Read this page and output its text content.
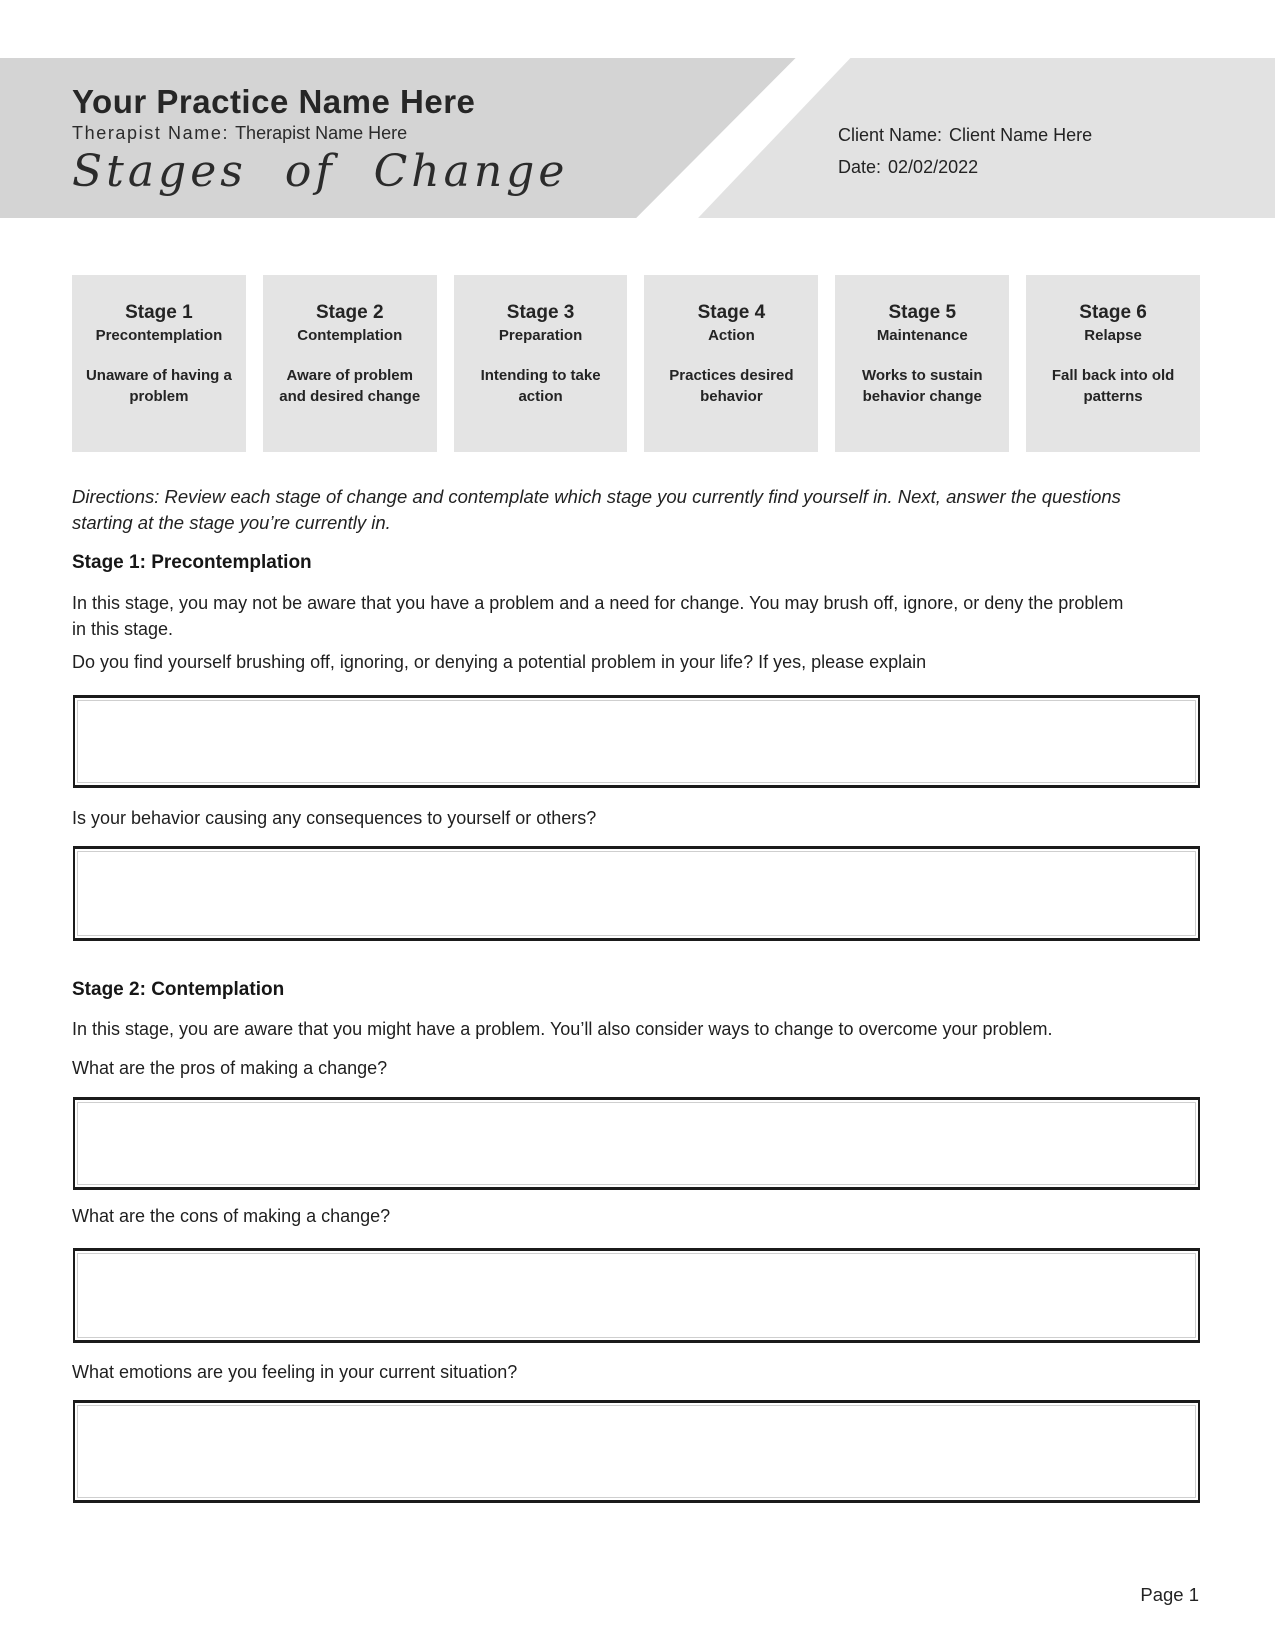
Your Practice Name Here
Therapist Name: Therapist Name Here
Stages of Change
Client Name: Client Name Here
Date: 02/02/2022
Stage 1
Precontemplation
Unaware of having a problem
Stage 2
Contemplation
Aware of problem and desired change
Stage 3
Preparation
Intending to take action
Stage 4
Action
Practices desired behavior
Stage 5
Maintenance
Works to sustain behavior change
Stage 6
Relapse
Fall back into old patterns
Directions: Review each stage of change and contemplate which stage you currently find yourself in. Next, answer the questions starting at the stage you’re currently in.
Stage 1: Precontemplation
In this stage, you may not be aware that you have a problem and a need for change. You may brush off, ignore, or deny the problem in this stage.
Do you find yourself brushing off, ignoring, or denying a potential problem in your life? If yes, please explain
Is your behavior causing any consequences to yourself or others?
Stage 2: Contemplation
In this stage, you are aware that you might have a problem. You’ll also consider ways to change to overcome your problem.
What are the pros of making a change?
What are the cons of making a change?
What emotions are you feeling in your current situation?
Page 1
